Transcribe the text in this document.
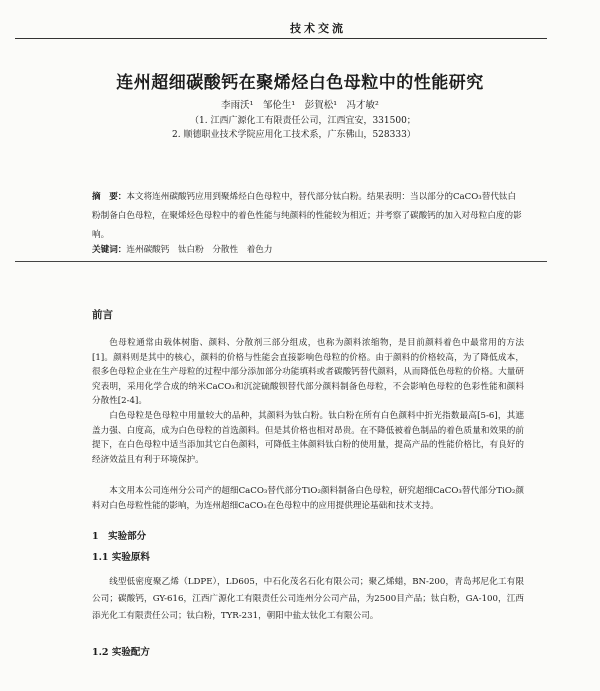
技术交流
连州超细碳酸钙在聚烯烃白色母粒中的性能研究
李雨沃¹　邹伦生¹　彭賀松¹　冯才敏²
（1. 江西广源化工有限责任公司，江西宜安，331500；
2. 顺德职业技术学院应用化工技术系，广东佛山，528333）
摘　要：本文将连州碳酸钙应用到聚烯烃白色母粒中，替代部分钛白粉。结果表明：当以部分的CaCO₃替代钛白粉制备白色母粒，在聚烯烃色母粒中的着色性能与纯颜料的性能较为相近；并考察了碳酸钙的加入对母粒白度的影响。
关键词：连州碳酸钙　钛白粉　分散性　着色力
前言
色母粒通常由载体树脂、颜料、分散剂三部分组成，也称为颜料浓缩物，是目前颜料着色中最常用的方法[1]。颜料则是其中的核心，颜料的价格与性能会直接影响色母粒的价格。由于颜料的价格较高，为了降低成本，很多色母粒企业在生产母粒的过程中部分添加部分功能填料或者碳酸钙替代颜料，从而降低色母粒的价格。大量研究表明，采用化学合成的纳米CaCO₃和沉淀硫酸钡替代部分颜料制备色母粒，不会影响色母粒的色彩性能和颜料分散性[2-4]。
白色母粒是色母粒中用量较大的品种，其颜料为钛白粉。钛白粉在所有白色颜料中折光指数最高[5-6]，其遮盖力强、白度高，成为白色母粒的首选颜料。但是其价格也相对昂贵。在不降低被着色制品的着色质量和效果的前提下，在白色母粒中适当添加其它白色颜料，可降低主体颜料钛白粉的使用量，提高产品的性能价格比，有良好的经济效益且有利于环境保护。
本文用本公司连州分公司产的超细CaCO₃替代部分TiO₂颜料制备白色母粒，研究超细CaCO₃替代部分TiO₂颜料对白色母粒性能的影响，为连州超细CaCO₃在色母粒中的应用提供理论基础和技术支持。
1　实验部分
1.1 实验原料
线型低密度聚乙烯（LDPE），LD605，中石化茂名石化有限公司；聚乙烯蜡，BN-200，青岛邦尼化工有限公司；碳酸钙，GY-616，江西广源化工有限责任公司连州分公司产品，为2500目产品；钛白粉，GA-100，江西添光化工有限责任公司；钛白粉，TYR-231，朝阳中盐太钛化工有限公司。
1.2 实验配方
